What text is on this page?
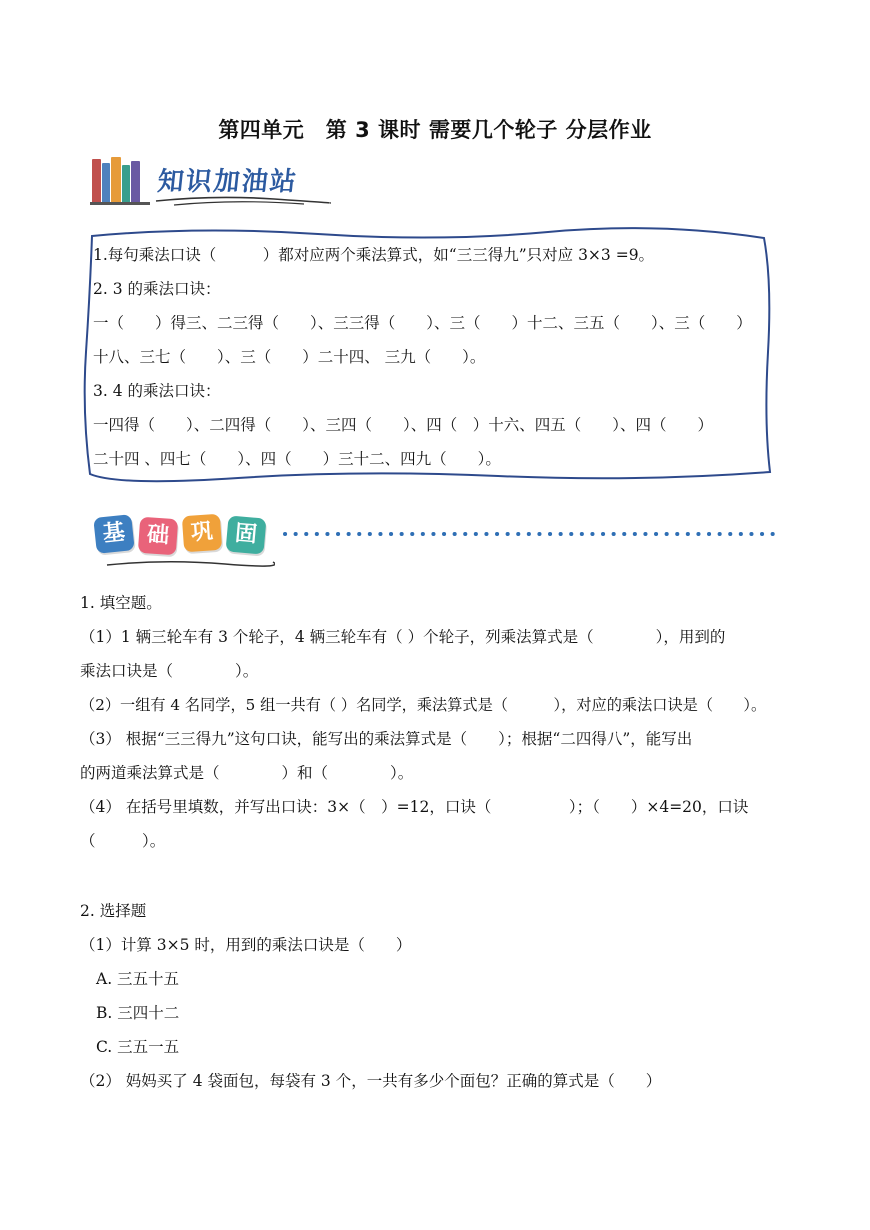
第四单元　第 3 课时 需要几个轮子 分层作业
知识加油站
1.每句乘法口诀（　　　）都对应两个乘法算式，如“三三得九”只对应 3×3 =9。
2. 3 的乘法口诀：
一（　　）得三、二三得（　　）、三三得（　　）、三（　　）十二、三五（　　）、三（　　）
十八、三七（　　）、三（　　）二十四、 三九（　　）。
3. 4 的乘法口诀：
一四得（　　）、二四得（　　）、三四（　　）、四（　）十六、四五（　　）、四（　　）
二十四 、四七（　　）、四（　　）三十二、四九（　　）。
基 础 巩 固
1. 填空题。
（1）1 辆三轮车有 3 个轮子，4 辆三轮车有（ ）个轮子，列乘法算式是（　　　　），用到的
乘法口诀是（　　　　）。
（2）一组有 4 名同学，5 组一共有（ ）名同学，乘法算式是（　　　），对应的乘法口诀是（　　）。
（3） 根据“三三得九”这句口诀，能写出的乘法算式是（　　）；根据“二四得八”，能写出
的两道乘法算式是（　　　　）和（　　　　）。
（4） 在括号里填数，并写出口诀：3×（　）=12，口诀（　　　　　）；（　　）×4=20，口诀
（　　　）。
2. 选择题
（1）计算 3×5 时，用到的乘法口诀是（　　）
A. 三五十五
B. 三四十二
C. 三五一五
（2） 妈妈买了 4 袋面包，每袋有 3 个，一共有多少个面包？正确的算式是（　　）
